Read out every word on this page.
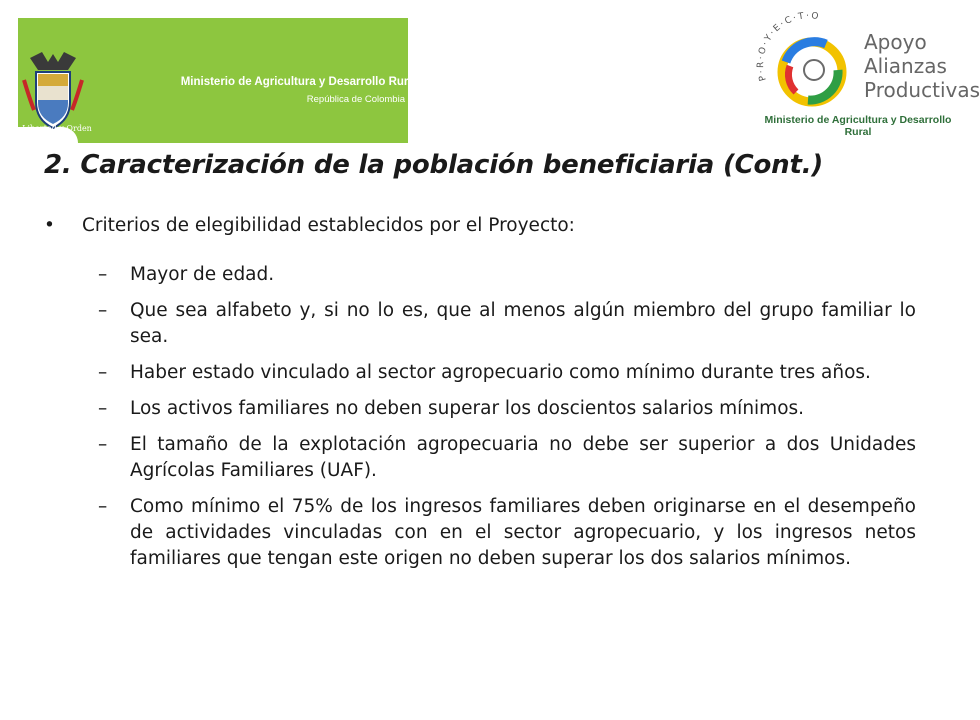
Libertad y Orden
Ministerio de Agricultura y Desarrollo Rural
República de Colombia
P·R·O·Y·E·C·T·O
Apoyo
Alianzas
Productivas
Ministerio de Agricultura y Desarrollo Rural
2. Caracterización de la población beneficiaria (Cont.)
• Criterios de elegibilidad establecidos por el Proyecto:
– Mayor de edad.
– Que sea alfabeto y, si no lo es, que al menos algún miembro del grupo familiar lo sea.
– Haber estado vinculado al sector agropecuario como mínimo durante tres años.
– Los activos familiares no deben superar los doscientos salarios mínimos.
– El tamaño de la explotación agropecuaria no debe ser superior a dos Unidades Agrícolas Familiares (UAF).
– Como mínimo el 75% de los ingresos familiares deben originarse en el desempeño de actividades vinculadas con en el sector agropecuario, y los ingresos netos familiares que tengan este origen no deben superar los dos salarios mínimos.
